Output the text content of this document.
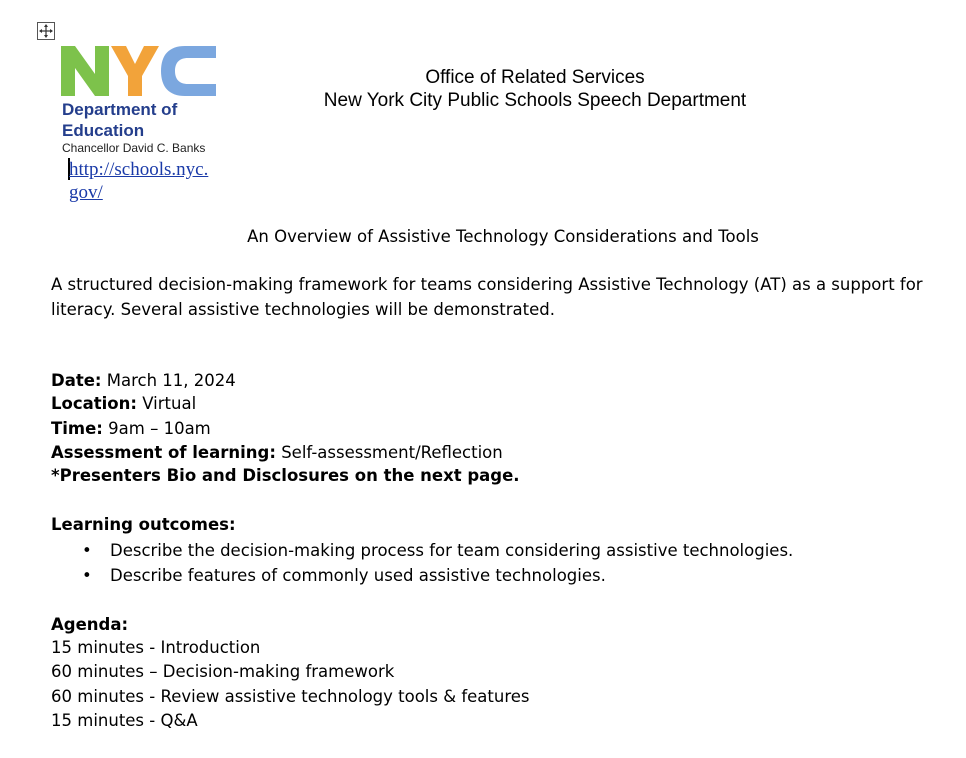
Department of
Education
Chancellor David C. Banks
http://schools.nyc.
gov/
Office of Related Services
New York City Public Schools Speech Department
An Overview of Assistive Technology Considerations and Tools
A structured decision-making framework for teams considering Assistive Technology (AT) as a support for literacy. Several assistive technologies will be demonstrated.
Date: March 11, 2024
Location: Virtual
Time: 9am – 10am
Assessment of learning: Self-assessment/Reflection
*Presenters Bio and Disclosures on the next page.
Learning outcomes:
• Describe the decision-making process for team considering assistive technologies.
• Describe features of commonly used assistive technologies.
Agenda:
15 minutes - Introduction
60 minutes – Decision-making framework
60 minutes - Review assistive technology tools & features
15 minutes - Q&A
